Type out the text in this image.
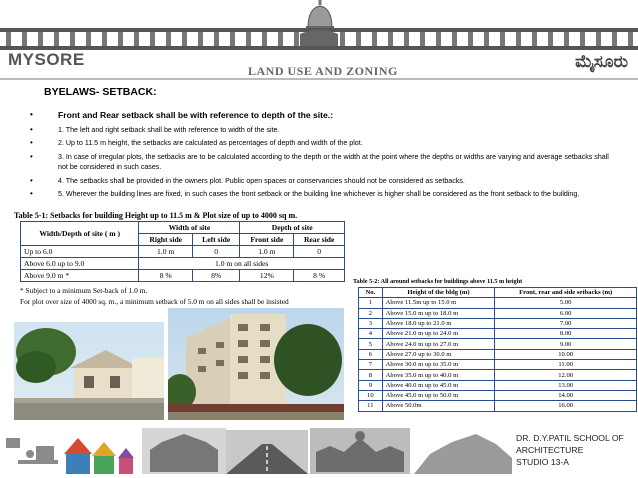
MYSORE
LAND USE AND ZONING	ಮೈಸೂರು
BYELAWS- SETBACK:
• Front and Rear setback shall be with reference to depth of the site.:
• 1. The left and right setback shall be with reference to width of the site.
• 2. Up to 11.5 m height, the setbacks are calculated as percentages of depth and width of the plot.
• 3. In case of irregular plots, the setbacks are to be calculated according to the depth or the width at the point where the depths or widths are varying and average setbacks shall not be considered in such cases.
• 4. The setbacks shall be provided in the owners plot. Public open spaces or conservancies should not be considered as setbacks.
• 5. Wherever the building lines are fixed, in such cases the front setback or the building line whichever is higher shall be considered as the front setback to the building.
Table 5-1: Setbacks for building Height up to 11.5 m & Plot size of up to 4000 sq m.
Width/Depth of site ( m )	Width of site		Depth of site	
	Right side	Left side	Front side	Rear side
Up to 6.0	1.0 m	0	1.0 m	0
Above 6.0 up to 9.0	1.0 m on all sides			
Above 9.0 m *	8 %	8%	12%	8 %
* Subject to a minimum Set-back of 1.0 m.
For plot over size of 4000 sq. m., a minimum setback of 5.0 m on all sides shall be insisted
Table 5-2: All around setbacks for buildings above 11.5 m height
No.	Height of the bldg (m)	Front, rear and side setbacks (m)
1	Above 11.5m up to 15.0 m	5.00
2	Above 15.0 m up to 18.0 m	6.00
3	Above 18.0 up to 21.0 m	7.00
4	Above 21.0 m up to 24.0 m	8.00
5	Above 24.0 m up to 27.0 m	9.00
6	Above 27.0 up to 30.0 m	10.00
7	Above 30.0 m up to 35.0 m	11.00
8	Above 35.0 m up to 40.0 m	12.00
9	Above 40.0 m up to 45.0 m	13.00
10	Above 45.0 m up to 50.0 m	14.00
11	Above 50.0m	16.00
DR. D.Y.PATIL SCHOOL OF
ARCHITECTURE
STUDIO 13-A
